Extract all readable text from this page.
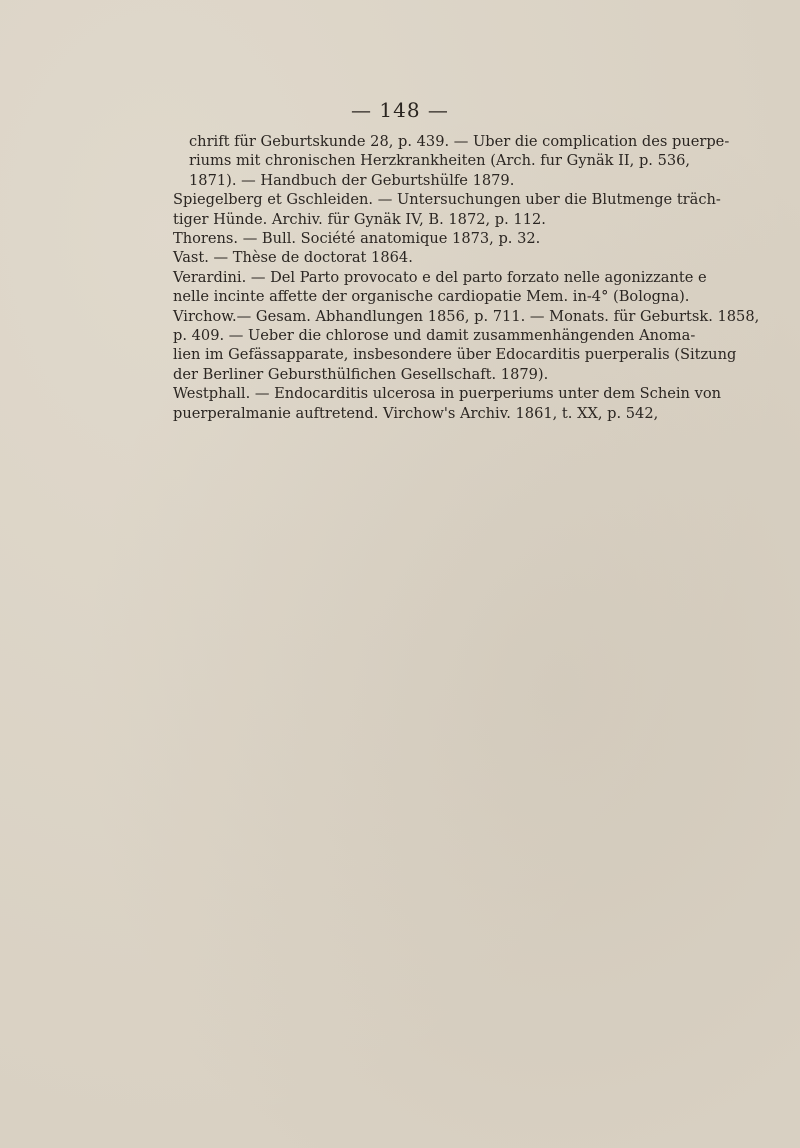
— 148 —

chrift für Geburtskunde 28, p. 439. — Uber die complication des puerpe-
riums mit chronischen Herzkrankheiten (Arch. fur Gynäk II, p. 536,
1871). — Handbuch der Geburtshülfe 1879.

Spiegelberg et Gschleiden. — Untersuchungen uber die Blutmenge träch-
tiger Hünde. Archiv. für Gynäk IV, B. 1872, p. 112.

Thorens. — Bull. Société anatomique 1873, p. 32.

Vast. — Thèse de doctorat 1864.

Verardini. — Del Parto provocato e del parto forzato nelle agonizzante e
nelle incinte affette der organische cardiopatie Mem. in-4° (Bologna).

Virchow.— Gesam. Abhandlungen 1856, p. 711. — Monats. für Geburtsk. 1858,
p. 409. — Ueber die chlorose und damit zusammenhängenden Anoma-
lien im Gefässapparate, insbesondere über Edocarditis puerperalis (Sitzung
der Berliner Gebursthülfichen Gesellschaft. 1879).

Westphall. — Endocarditis ulcerosa in puerperiums unter dem Schein von
puerperalmanie auftretend. Virchow's Archiv. 1861, t. XX, p. 542,
